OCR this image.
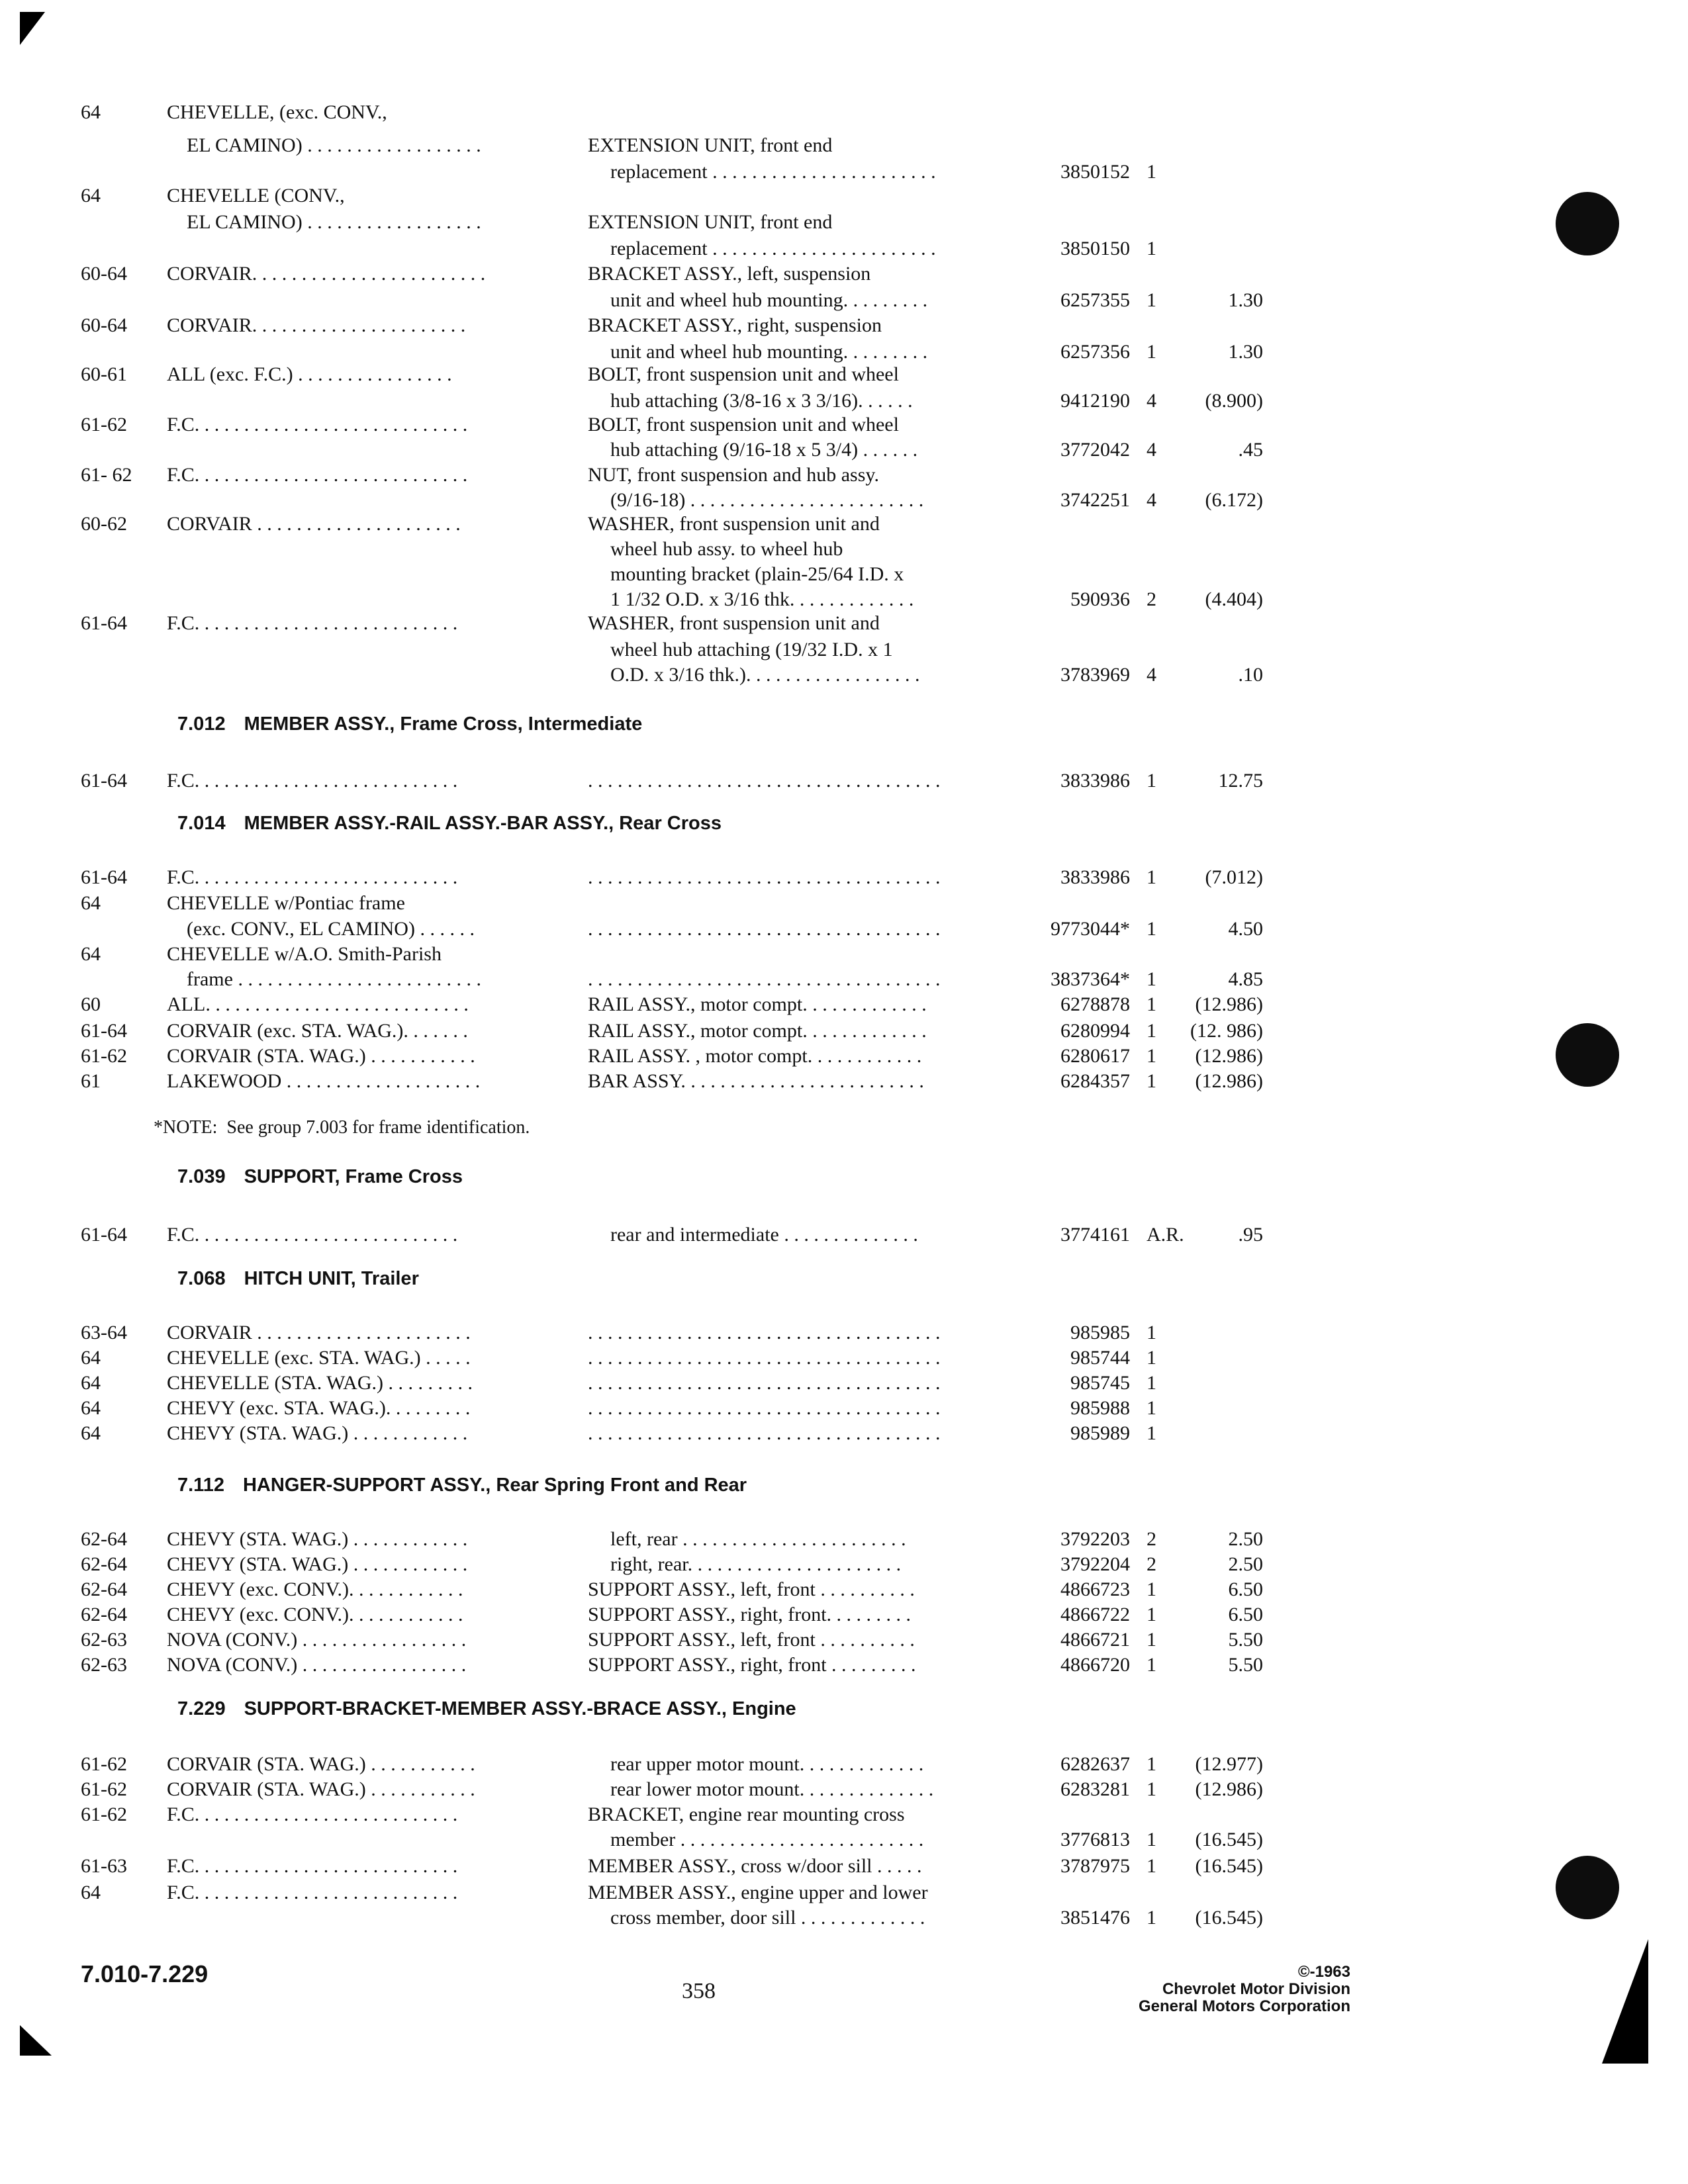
64	CHEVELLE, (exc. CONV.,
EL CAMINO) . . . . . . . . . . . . . . . . . .	EXTENSION UNIT, front end
replacement . . . . . . . . . . . . . . . . . . . . . . .	3850152 1
64	CHEVELLE (CONV.,
EL CAMINO) . . . . . . . . . . . . . . . . . .	EXTENSION UNIT, front end
replacement . . . . . . . . . . . . . . . . . . . . . . .	3850150 1
60-64 CORVAIR. . . . . . . . . . . . . . . . . . . . . . . .	BRACKET ASSY., left, suspension
unit and wheel hub mounting. . . . . . . . .	6257355 1	1.30
60-64 CORVAIR. . . . . . . . . . . . . . . . . . . . . .	BRACKET ASSY., right, suspension
unit and wheel hub mounting. . . . . . . . .	6257356 1	1.30
60-61 ALL (exc. F.C.) . . . . . . . . . . . . . . . .	BOLT, front suspension unit and wheel
hub attaching (3/8-16 x 3 3/16). . . . . .	9412190 4 (8.900)
61-62 F.C. . . . . . . . . . . . . . . . . . . . . . . . . . . .	BOLT, front suspension unit and wheel
hub attaching (9/16-18 x 5 3/4) . . . . . .	3772042 4	.45
61- 62 F.C. . . . . . . . . . . . . . . . . . . . . . . . . . . .	NUT, front suspension and hub assy.
(9/16-18) . . . . . . . . . . . . . . . . . . . . . . . .	3742251 4 (6.172)
60-62 CORVAIR . . . . . . . . . . . . . . . . . . . . .	WASHER, front suspension unit and
wheel hub assy. to wheel hub
mounting bracket (plain-25/64 I.D. x
1 1/32 O.D. x 3/16 thk. . . . . . . . . . . . .	590936 2 (4.404)
61-64 F.C. . . . . . . . . . . . . . . . . . . . . . . . . . .	WASHER, front suspension unit and
wheel hub attaching (19/32 I.D. x 1
O.D. x 3/16 thk.). . . . . . . . . . . . . . . . . .	3783969 4	.10
7.012 MEMBER ASSY., Frame Cross, Intermediate
61-64 F.C. . . . . . . . . . . . . . . . . . . . . . . . . . .	. . . . . . . . . . . . . . . . . . . . . . . . . . . . . . . . . . . .	3833986 1	12.75
7.014 MEMBER ASSY.-RAIL ASSY.-BAR ASSY., Rear Cross
61-64 F.C. . . . . . . . . . . . . . . . . . . . . . . . . . .	. . . . . . . . . . . . . . . . . . . . . . . . . . . . . . . . . . . .	3833986 1 (7.012)
64	CHEVELLE w/Pontiac frame
(exc. CONV., EL CAMINO) . . . . . .	. . . . . . . . . . . . . . . . . . . . . . . . . . . . . . . . . . . .	9773044* 1	4.50
64	CHEVELLE w/A.O. Smith-Parish
frame . . . . . . . . . . . . . . . . . . . . . . . . .	. . . . . . . . . . . . . . . . . . . . . . . . . . . . . . . . . . . .	3837364* 1	4.85
60	ALL. . . . . . . . . . . . . . . . . . . . . . . . . . .	RAIL ASSY., motor compt. . . . . . . . . . . . .	6278878 1 (12.986)
61-64 CORVAIR (exc. STA. WAG.). . . . . . .	RAIL ASSY., motor compt. . . . . . . . . . . . .	6280994 1 (12. 986)
61-62 CORVAIR (STA. WAG.) . . . . . . . . . . .	RAIL ASSY. , motor compt. . . . . . . . . . . .	6280617 1 (12.986)
61	LAKEWOOD . . . . . . . . . . . . . . . . . . . .	BAR ASSY. . . . . . . . . . . . . . . . . . . . . . . . .	6284357 1 (12.986)
*NOTE:  See group 7.003 for frame identification.
7.039 SUPPORT, Frame Cross
61-64 F.C. . . . . . . . . . . . . . . . . . . . . . . . . . .	rear and intermediate . . . . . . . . . . . . . .	3774161 A.R.	.95
7.068 HITCH UNIT, Trailer
63-64 CORVAIR . . . . . . . . . . . . . . . . . . . . . .	. . . . . . . . . . . . . . . . . . . . . . . . . . . . . . . . . . . .	985985 1
64	CHEVELLE (exc. STA. WAG.) . . . . .	. . . . . . . . . . . . . . . . . . . . . . . . . . . . . . . . . . . .	985744 1
64	CHEVELLE (STA. WAG.) . . . . . . . . .	. . . . . . . . . . . . . . . . . . . . . . . . . . . . . . . . . . . .	985745 1
64	CHEVY (exc. STA. WAG.). . . . . . . . .	. . . . . . . . . . . . . . . . . . . . . . . . . . . . . . . . . . . .	985988 1
64	CHEVY (STA. WAG.) . . . . . . . . . . . .	. . . . . . . . . . . . . . . . . . . . . . . . . . . . . . . . . . . .	985989 1
7.112 HANGER-SUPPORT ASSY., Rear Spring Front and Rear
62-64 CHEVY (STA. WAG.) . . . . . . . . . . . .	left, rear . . . . . . . . . . . . . . . . . . . . . . .	3792203 2	2.50
62-64 CHEVY (STA. WAG.) . . . . . . . . . . . .	right, rear. . . . . . . . . . . . . . . . . . . . . .	3792204 2	2.50
62-64 CHEVY (exc. CONV.). . . . . . . . . . . .	SUPPORT ASSY., left, front . . . . . . . . . .	4866723 1	6.50
62-64 CHEVY (exc. CONV.). . . . . . . . . . . .	SUPPORT ASSY., right, front. . . . . . . . .	4866722 1	6.50
62-63 NOVA (CONV.) . . . . . . . . . . . . . . . . .	SUPPORT ASSY., left, front . . . . . . . . . .	4866721 1	5.50
62-63 NOVA (CONV.) . . . . . . . . . . . . . . . . .	SUPPORT ASSY., right, front . . . . . . . . .	4866720 1	5.50
7.229 SUPPORT-BRACKET-MEMBER ASSY.-BRACE ASSY., Engine
61-62 CORVAIR (STA. WAG.) . . . . . . . . . . .	rear upper motor mount. . . . . . . . . . . . .	6282637 1 (12.977)
61-62 CORVAIR (STA. WAG.) . . . . . . . . . . .	rear lower motor mount. . . . . . . . . . . . . .	6283281 1 (12.986)
61-62 F.C. . . . . . . . . . . . . . . . . . . . . . . . . . .	BRACKET, engine rear mounting cross
member . . . . . . . . . . . . . . . . . . . . . . . . .	3776813 1 (16.545)
61-63 F.C. . . . . . . . . . . . . . . . . . . . . . . . . . .	MEMBER ASSY., cross w/door sill . . . . .	3787975 1 (16.545)
64	F.C. . . . . . . . . . . . . . . . . . . . . . . . . . .	MEMBER ASSY., engine upper and lower
cross member, door sill . . . . . . . . . . . . .	3851476 1 (16.545)
7.010-7.229
358
©-1963
Chevrolet Motor Division
General Motors Corporation
